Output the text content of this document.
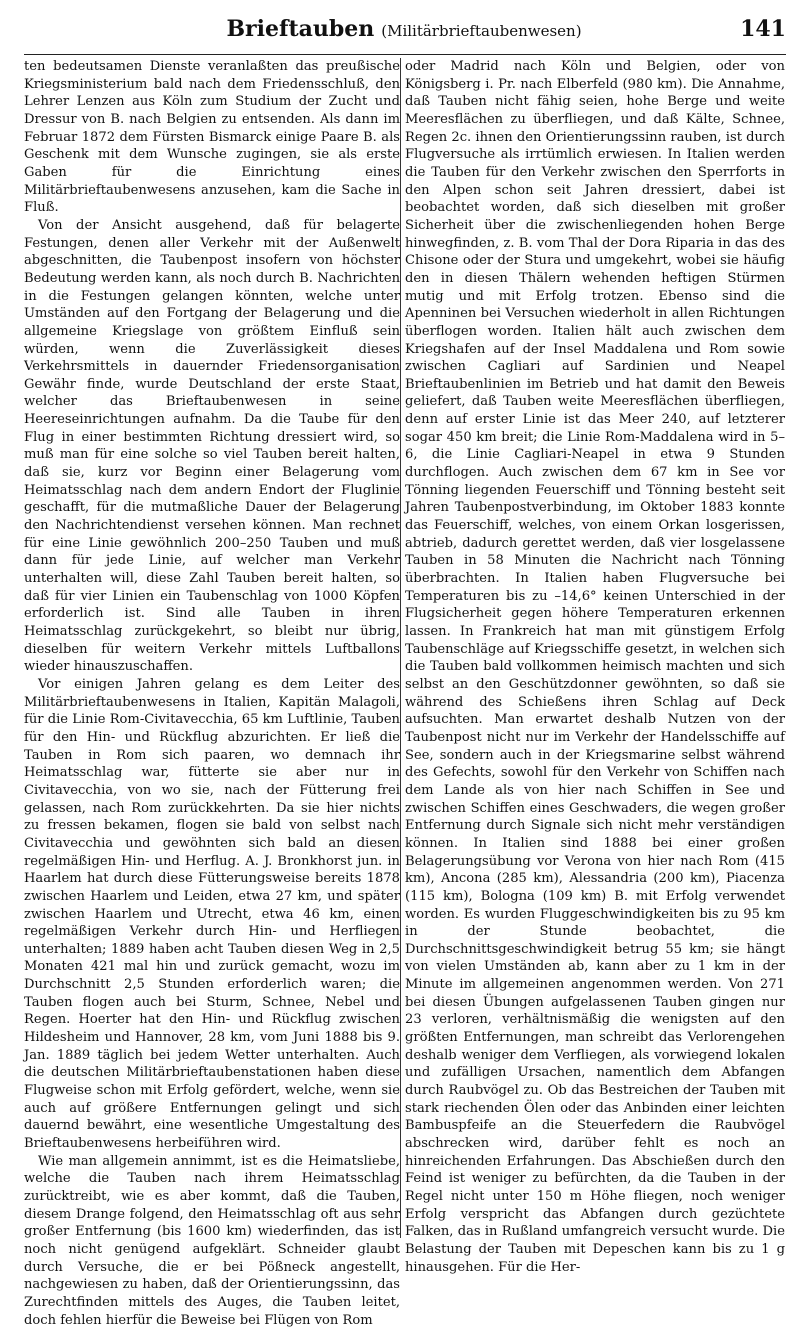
Brieftauben (Militärbrieftaubenwesen)	141

ten bedeutsamen Dienste veranlaßten das preußische Kriegsministerium bald nach dem Friedensschluß, den Lehrer Lenzen aus Köln zum Studium der Zucht und Dressur von B. nach Belgien zu entsenden. Als dann im Februar 1872 dem Fürsten Bismarck einige Paare B. als Geschenk mit dem Wunsche zugingen, sie als erste Gaben für die Einrichtung eines Militärbrieftaubenwesens anzusehen, kam die Sache in Fluß.

Von der Ansicht ausgehend, daß für belagerte Festungen, denen aller Verkehr mit der Außenwelt abgeschnitten, die Taubenpost insofern von höchster Bedeutung werden kann, als noch durch B. Nachrichten in die Festungen gelangen könnten, welche unter Umständen auf den Fortgang der Belagerung und die allgemeine Kriegslage von größtem Einfluß sein würden, wenn die Zuverlässigkeit dieses Verkehrsmittels in dauernder Friedensorganisation Gewähr finde, wurde Deutschland der erste Staat, welcher das Brieftaubenwesen in seine Heereseinrichtungen aufnahm. Da die Taube für den Flug in einer bestimmten Richtung dressiert wird, so muß man für eine solche so viel Tauben bereit halten, daß sie, kurz vor Beginn einer Belagerung vom Heimatsschlag nach dem andern Endort der Fluglinie geschafft, für die mutmaßliche Dauer der Belagerung den Nachrichtendienst versehen können. Man rechnet für eine Linie gewöhnlich 200–250 Tauben und muß dann für jede Linie, auf welcher man Verkehr unterhalten will, diese Zahl Tauben bereit halten, so daß für vier Linien ein Taubenschlag von 1000 Köpfen erforderlich ist. Sind alle Tauben in ihren Heimatsschlag zurückgekehrt, so bleibt nur übrig, dieselben für weitern Verkehr mittels Luftballons wieder hinauszuschaffen.

Vor einigen Jahren gelang es dem Leiter des Militärbrieftaubenwesens in Italien, Kapitän Malagoli, für die Linie Rom-Civitavecchia, 65 km Luftlinie, Tauben für den Hin- und Rückflug abzurichten. Er ließ die Tauben in Rom sich paaren, wo demnach ihr Heimatsschlag war, fütterte sie aber nur in Civitavecchia, von wo sie, nach der Fütterung frei gelassen, nach Rom zurückkehrten. Da sie hier nichts zu fressen bekamen, flogen sie bald von selbst nach Civitavecchia und gewöhnten sich bald an diesen regelmäßigen Hin- und Herflug. A. J. Bronkhorst jun. in Haarlem hat durch diese Fütterungsweise bereits 1878 zwischen Haarlem und Leiden, etwa 27 km, und später zwischen Haarlem und Utrecht, etwa 46 km, einen regelmäßigen Verkehr durch Hin- und Herfliegen unterhalten; 1889 haben acht Tauben diesen Weg in 2,5 Monaten 421 mal hin und zurück gemacht, wozu im Durchschnitt 2,5 Stunden erforderlich waren; die Tauben flogen auch bei Sturm, Schnee, Nebel und Regen. Hoerter hat den Hin- und Rückflug zwischen Hildesheim und Hannover, 28 km, vom Juni 1888 bis 9. Jan. 1889 täglich bei jedem Wetter unterhalten. Auch die deutschen Militärbrieftaubenstationen haben diese Flugweise schon mit Erfolg gefördert, welche, wenn sie auch auf größere Entfernungen gelingt und sich dauernd bewährt, eine wesentliche Umgestaltung des Brieftaubenwesens herbeiführen wird.

Wie man allgemein annimmt, ist es die Heimatsliebe, welche die Tauben nach ihrem Heimatsschlag zurücktreibt, wie es aber kommt, daß die Tauben, diesem Drange folgend, den Heimatsschlag oft aus sehr großer Entfernung (bis 1600 km) wiederfinden, das ist noch nicht genügend aufgeklärt. Schneider glaubt durch Versuche, die er bei Pößneck angestellt, nachgewiesen zu haben, daß der Orientierungssinn, das Zurechtfinden mittels des Auges, die Tauben leitet, doch fehlen hierfür die Beweise bei Flügen von Rom

oder Madrid nach Köln und Belgien, oder von Königsberg i. Pr. nach Elberfeld (980 km). Die Annahme, daß Tauben nicht fähig seien, hohe Berge und weite Meeresflächen zu überfliegen, und daß Kälte, Schnee, Regen 2c. ihnen den Orientierungssinn rauben, ist durch Flugversuche als irrtümlich erwiesen. In Italien werden die Tauben für den Verkehr zwischen den Sperrforts in den Alpen schon seit Jahren dressiert, dabei ist beobachtet worden, daß sich dieselben mit großer Sicherheit über die zwischenliegenden hohen Berge hinwegfinden, z. B. vom Thal der Dora Riparia in das des Chisone oder der Stura und umgekehrt, wobei sie häufig den in diesen Thälern wehenden heftigen Stürmen mutig und mit Erfolg trotzen. Ebenso sind die Apenninen bei Versuchen wiederholt in allen Richtungen überflogen worden. Italien hält auch zwischen dem Kriegshafen auf der Insel Maddalena und Rom sowie zwischen Cagliari auf Sardinien und Neapel Brieftaubenlinien im Betrieb und hat damit den Beweis geliefert, daß Tauben weite Meeresflächen überfliegen, denn auf erster Linie ist das Meer 240, auf letzterer sogar 450 km breit; die Linie Rom-Maddalena wird in 5–6, die Linie Cagliari-Neapel in etwa 9 Stunden durchflogen. Auch zwischen dem 67 km in See vor Tönning liegenden Feuerschiff und Tönning besteht seit Jahren Taubenpostverbindung, im Oktober 1883 konnte das Feuerschiff, welches, von einem Orkan losgerissen, abtrieb, dadurch gerettet werden, daß vier losgelassene Tauben in 58 Minuten die Nachricht nach Tönning überbrachten. In Italien haben Flugversuche bei Temperaturen bis zu –14,6° keinen Unterschied in der Flugsicherheit gegen höhere Temperaturen erkennen lassen. In Frankreich hat man mit günstigem Erfolg Taubenschläge auf Kriegsschiffe gesetzt, in welchen sich die Tauben bald vollkommen heimisch machten und sich selbst an den Geschützdonner gewöhnten, so daß sie während des Schießens ihren Schlag auf Deck aufsuchten. Man erwartet deshalb Nutzen von der Taubenpost nicht nur im Verkehr der Handelsschiffe auf See, sondern auch in der Kriegsmarine selbst während des Gefechts, sowohl für den Verkehr von Schiffen nach dem Lande als von hier nach Schiffen in See und zwischen Schiffen eines Geschwaders, die wegen großer Entfernung durch Signale sich nicht mehr verständigen können. In Italien sind 1888 bei einer großen Belagerungsübung vor Verona von hier nach Rom (415 km), Ancona (285 km), Alessandria (200 km), Piacenza (115 km), Bologna (109 km) B. mit Erfolg verwendet worden. Es wurden Fluggeschwindigkeiten bis zu 95 km in der Stunde beobachtet, die Durchschnittsgeschwindigkeit betrug 55 km; sie hängt von vielen Umständen ab, kann aber zu 1 km in der Minute im allgemeinen angenommen werden. Von 271 bei diesen Übungen aufgelassenen Tauben gingen nur 23 verloren, verhältnismäßig die wenigsten auf den größten Entfernungen, man schreibt das Verlorengehen deshalb weniger dem Verfliegen, als vorwiegend lokalen und zufälligen Ursachen, namentlich dem Abfangen durch Raubvögel zu. Ob das Bestreichen der Tauben mit stark riechenden Ölen oder das Anbinden einer leichten Bambuspfeife an die Steuerfedern die Raubvögel abschrecken wird, darüber fehlt es noch an hinreichenden Erfahrungen. Das Abschießen durch den Feind ist weniger zu befürchten, da die Tauben in der Regel nicht unter 150 m Höhe fliegen, noch weniger Erfolg verspricht das Abfangen durch gezüchtete Falken, das in Rußland umfangreich versucht wurde. Die Belastung der Tauben mit Depeschen kann bis zu 1 g hinausgehen. Für die Her-
